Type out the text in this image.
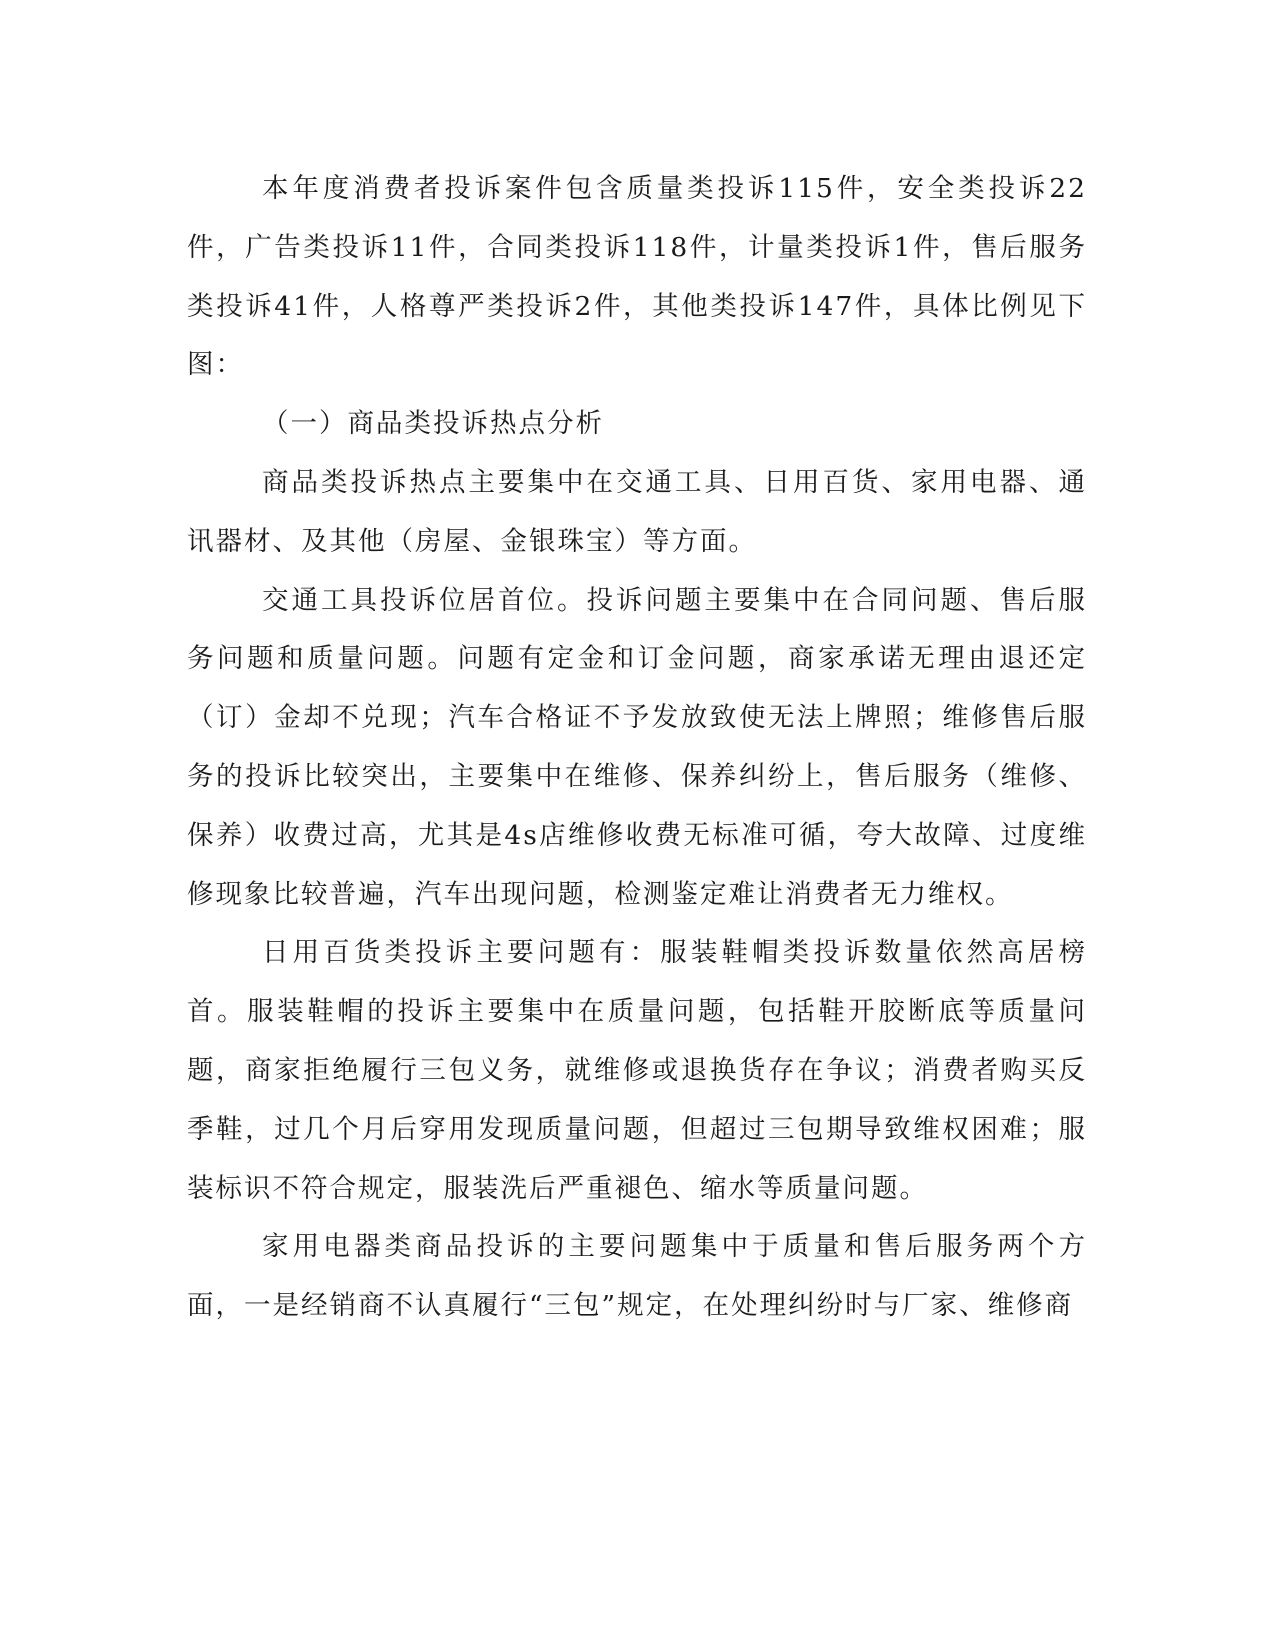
本年度消费者投诉案件包含质量类投诉115件，安全类投诉22件，广告类投诉11件，合同类投诉118件，计量类投诉1件，售后服务类投诉41件，人格尊严类投诉2件，其他类投诉147件，具体比例见下图：

（一）商品类投诉热点分析

商品类投诉热点主要集中在交通工具、日用百货、家用电器、通讯器材、及其他（房屋、金银珠宝）等方面。

交通工具投诉位居首位。投诉问题主要集中在合同问题、售后服务问题和质量问题。问题有定金和订金问题，商家承诺无理由退还定（订）金却不兑现；汽车合格证不予发放致使无法上牌照；维修售后服务的投诉比较突出，主要集中在维修、保养纠纷上，售后服务（维修、保养）收费过高，尤其是4s店维修收费无标准可循，夸大故障、过度维修现象比较普遍，汽车出现问题，检测鉴定难让消费者无力维权。

日用百货类投诉主要问题有：服装鞋帽类投诉数量依然高居榜首。服装鞋帽的投诉主要集中在质量问题，包括鞋开胶断底等质量问题，商家拒绝履行三包义务，就维修或退换货存在争议；消费者购买反季鞋，过几个月后穿用发现质量问题，但超过三包期导致维权困难；服装标识不符合规定，服装洗后严重褪色、缩水等质量问题。

家用电器类商品投诉的主要问题集中于质量和售后服务两个方面，一是经销商不认真履行“三包”规定，在处理纠纷时与厂家、维修商
